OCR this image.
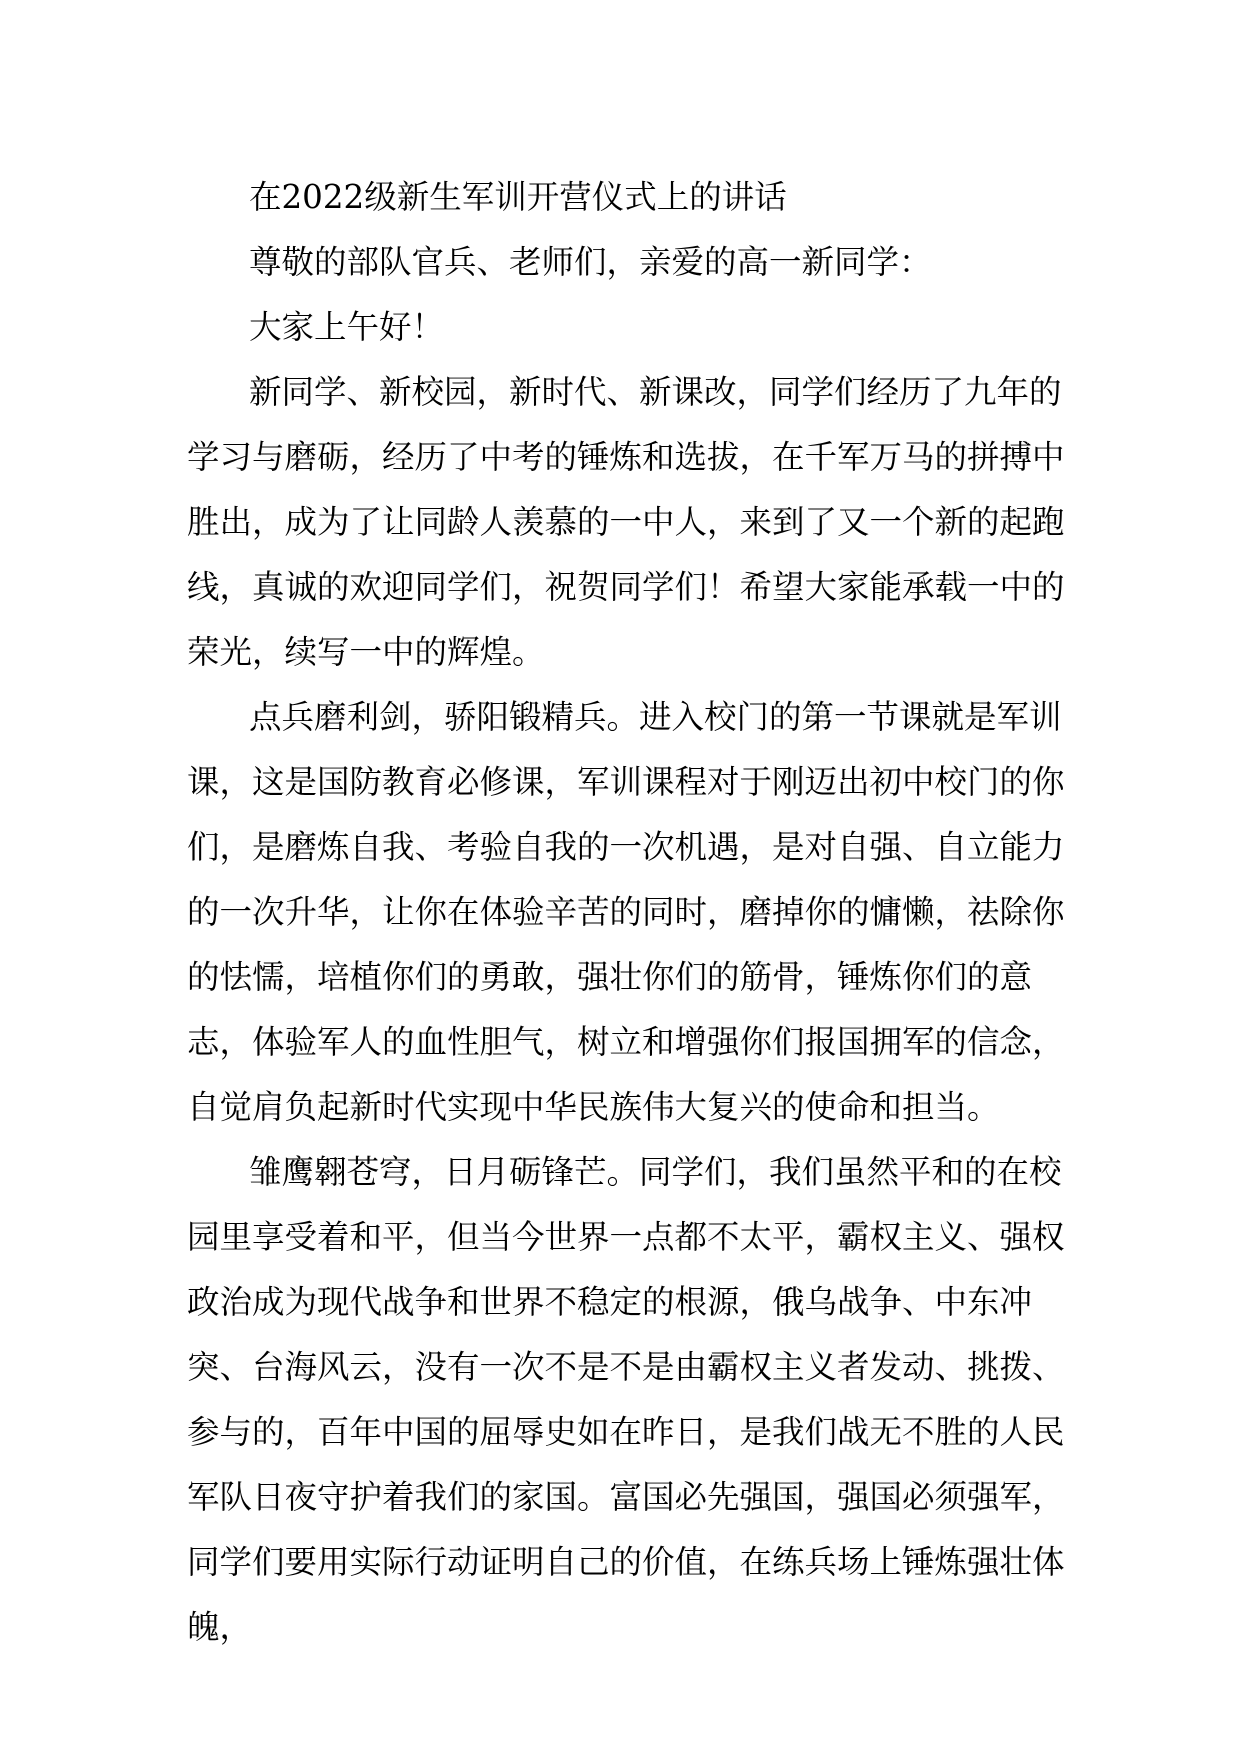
在2022级新生军训开营仪式上的讲话

尊敬的部队官兵、老师们，亲爱的高一新同学：

大家上午好！

新同学、新校园，新时代、新课改，同学们经历了九年的学习与磨砺，经历了中考的锤炼和选拔，在千军万马的拼搏中胜出，成为了让同龄人羡慕的一中人，来到了又一个新的起跑线，真诚的欢迎同学们，祝贺同学们！希望大家能承载一中的荣光，续写一中的辉煌。

点兵磨利剑，骄阳锻精兵。进入校门的第一节课就是军训课，这是国防教育必修课，军训课程对于刚迈出初中校门的你们，是磨炼自我、考验自我的一次机遇，是对自强、自立能力的一次升华，让你在体验辛苦的同时，磨掉你的慵懒，祛除你的怯懦，培植你们的勇敢，强壮你们的筋骨，锤炼你们的意志，体验军人的血性胆气，树立和增强你们报国拥军的信念，自觉肩负起新时代实现中华民族伟大复兴的使命和担当。

雏鹰翱苍穹，日月砺锋芒。同学们，我们虽然平和的在校园里享受着和平，但当今世界一点都不太平，霸权主义、强权政治成为现代战争和世界不稳定的根源，俄乌战争、中东冲突、台海风云，没有一次不是不是由霸权主义者发动、挑拨、参与的，百年中国的屈辱史如在昨日，是我们战无不胜的人民军队日夜守护着我们的家国。富国必先强国，强国必须强军，同学们要用实际行动证明自己的价值，在练兵场上锤炼强壮体魄，
